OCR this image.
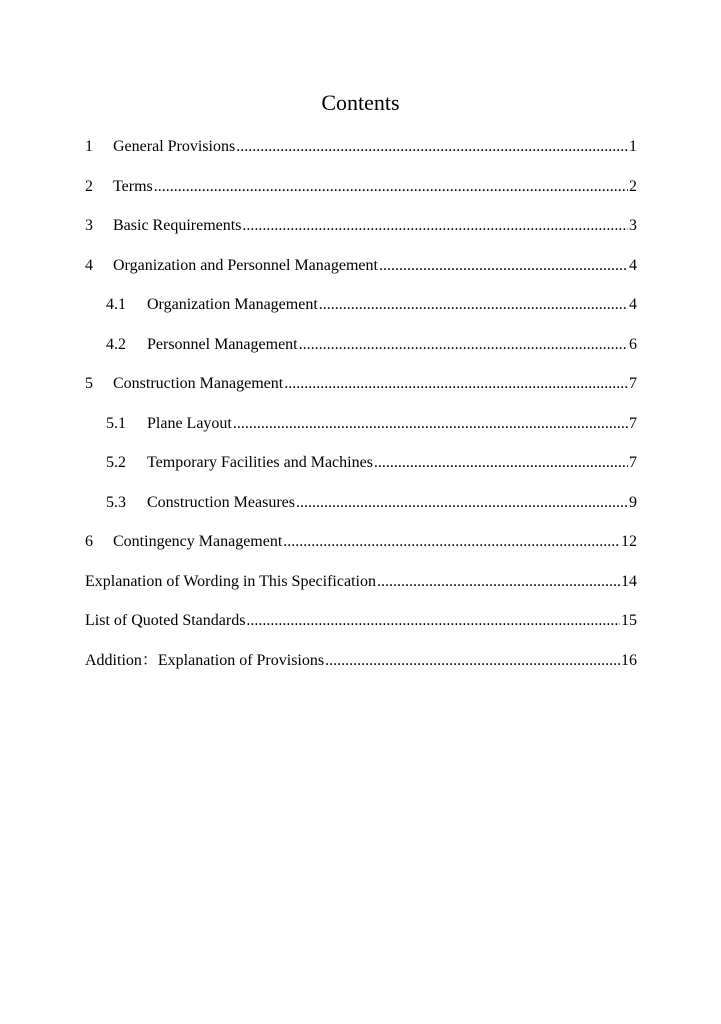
Contents
1	General Provisions .....	1
2	Terms .....	2
3	Basic Requirements .....	3
4	Organization and Personnel Management .....	4
4.1	Organization Management .....	4
4.2	Personnel Management .....	6
5	Construction Management .....	7
5.1	Plane Layout .....	7
5.2	Temporary Facilities and Machines .....	7
5.3	Construction Measures .....	9
6	Contingency Management .....	12
Explanation of Wording in This Specification .....	14
List of Quoted Standards .....	15
Addition：Explanation of Provisions .....	16
